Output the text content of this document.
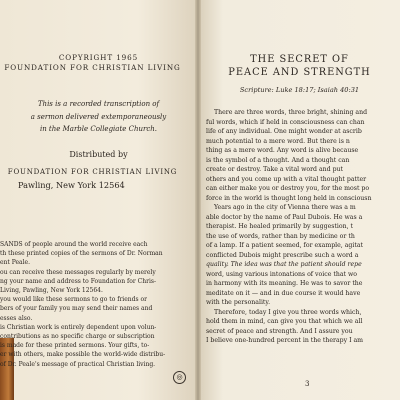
COPYRIGHT 1965
FOUNDATION FOR CHRISTIAN LIVING
This is a recorded transcription of
a sermon delivered extemporaneously
in the Marble Collegiate Church.
Distributed by
FOUNDATION FOR CHRISTIAN LIVING
Pawling, New York 12564
SANDS of people around the world receive each
th these printed copies of the sermons of Dr. Norman
ent Peale.
ou can receive these messages regularly by merely
ng your name and address to Foundation for Chris-
Living, Pawling, New York 12564.
you would like these sermons to go to friends or
bers of your family you may send their names and
esses also.
is Christian work is entirely dependent upon volun-
contributions as no specific charge or subscription
is made for these printed sermons. Your gifts, to-
er with others, make possible the world-wide distribu-
of Dr. Peale's message of practical Christian living.
◎
THE SECRET OF
PEACE AND STRENGTH
Scripture: Luke 18:17; Isaiah 40:31
There are three words, three bright, shining and
ful words, which if held in consciousness can chan
life of any individual. One might wonder at ascrib
much potential to a mere word. But there is n
thing as a mere word. Any word is alive because
is the symbol of a thought. And a thought can
create or destroy. Take a vital word and put
others and you come up with a vital thought patter
can either make you or destroy you, for the most po
force in the world is thought long held in consciousn
Years ago in the city of Vienna there was a m
able doctor by the name of Paul Dubois. He was a
therapist. He healed primarily by suggestion, t
the use of words, rather than by medicine or th
of a lamp. If a patient seemed, for example, agitat
conflicted Dubois might prescribe such a word a
quality. The idea was that the patient should repe
word, using various intonations of voice that wo
in harmony with its meaning. He was to savor the
meditate on it — and in due course it would have
with the personality.
Therefore, today I give you three words which,
hold them in mind, can give you that which we all
secret of peace and strength. And I assure you
I believe one-hundred percent in the therapy I am
3
